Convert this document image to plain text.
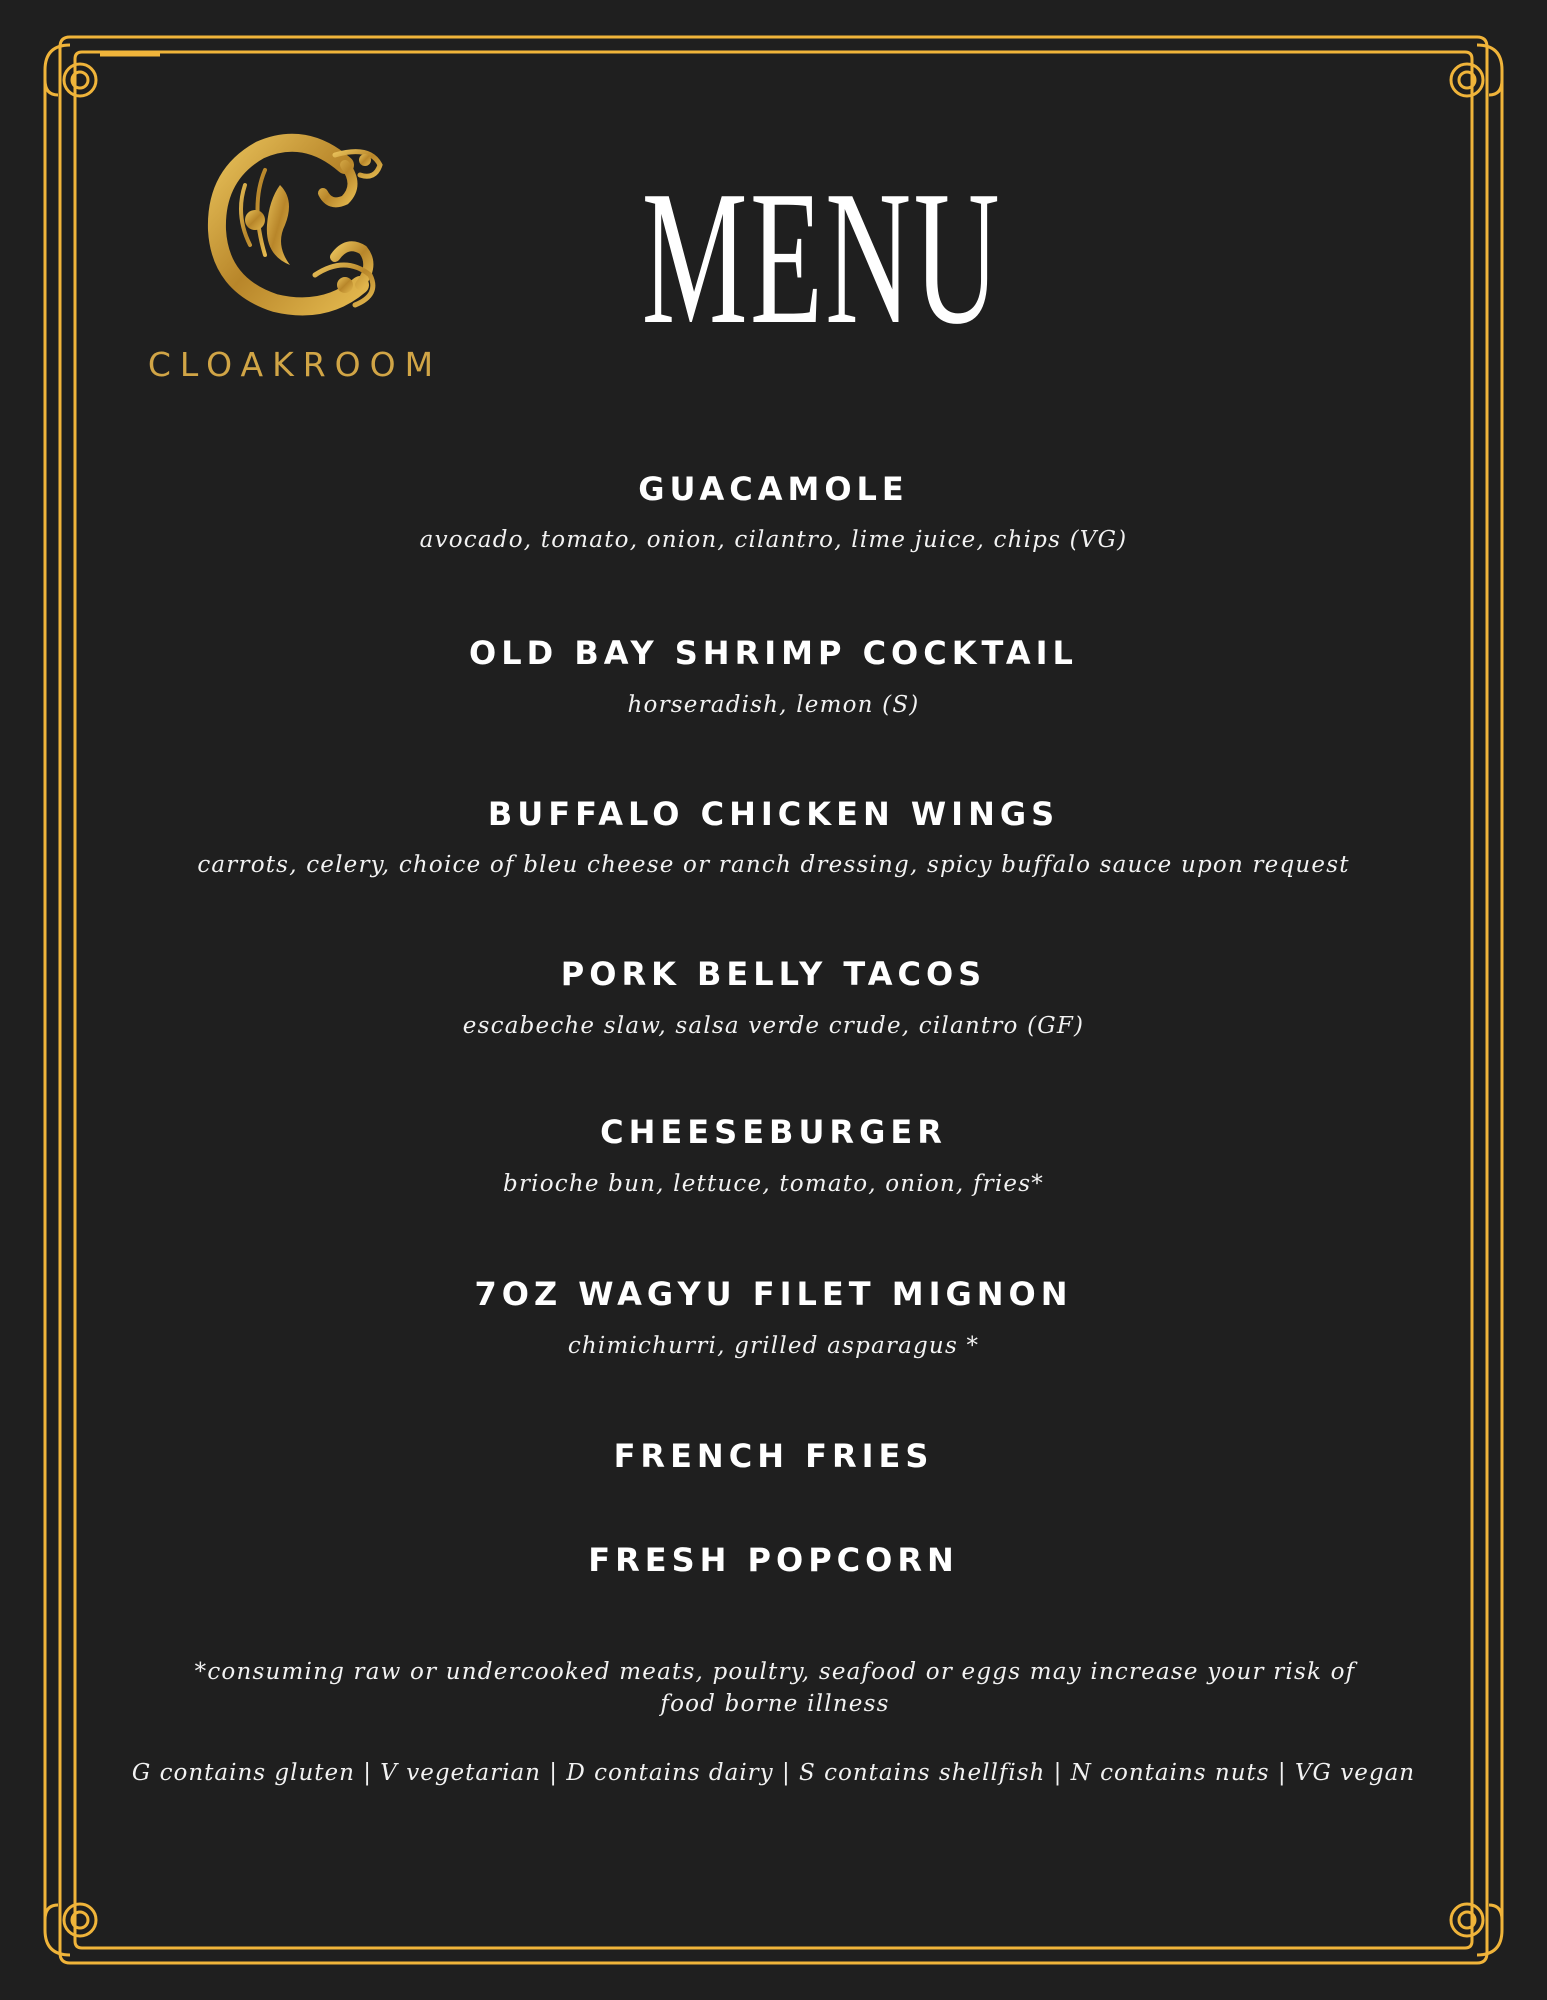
CLOAKROOM
MENU
GUACAMOLE
avocado, tomato, onion, cilantro, lime juice, chips (VG)
OLD BAY SHRIMP COCKTAIL
horseradish, lemon (S)
BUFFALO CHICKEN WINGS
carrots, celery, choice of bleu cheese or ranch dressing, spicy buffalo sauce upon request
PORK BELLY TACOS
escabeche slaw, salsa verde crude, cilantro (GF)
CHEESEBURGER
brioche bun, lettuce, tomato, onion, fries*
7OZ WAGYU FILET MIGNON
chimichurri, grilled asparagus *
FRENCH FRIES
FRESH POPCORN
*consuming raw or undercooked meats, poultry, seafood or eggs may increase your risk of food borne illness
G contains gluten | V vegetarian | D contains dairy | S contains shellfish | N contains nuts | VG vegan
